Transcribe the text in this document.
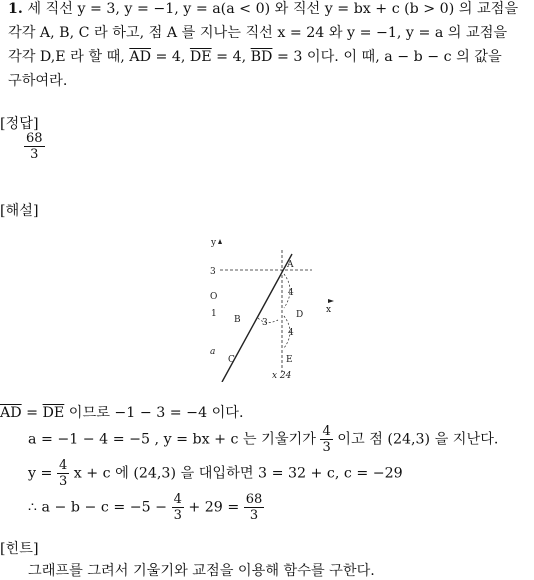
1. 세 직선 y = 3, y = −1, y = a(a < 0) 와 직선 y = bx + c (b > 0) 의 교점을
각각 A, B, C 라 하고, 점 A 를 지나는 직선 x = 24 와 y = −1, y = a 의 교점을
각각 D,E 라 할 때, $\overline{AD} = 4$, $\overline{DE} = 4$, $\overline{BD} = 3$ 이다. 이 때, a − b − c 의 값을
구하여라.
[정답]
$\frac{68}{3}$
[해설]
y
3
x
O
1
a
A
B
C
D
E
4
4
3
x 24
$\overline{AD} = \overline{DE}$ 이므로 −1 − 3 = −4 이다.
a = −1 − 4 = −5 , y = bx + c 는 기울기가 $\frac{4}{3}$ 이고 점 (24,3) 을 지난다.
$y = \frac{4}{3}$ x + c 에 (24,3) 을 대입하면 3 = 32 + c, c = −29
∴ $a - b - c = -5 - \frac{4}{3} + 29 = \frac{68}{3}$
[힌트]
그래프를 그려서 기울기와 교점을 이용해 함수를 구한다.
